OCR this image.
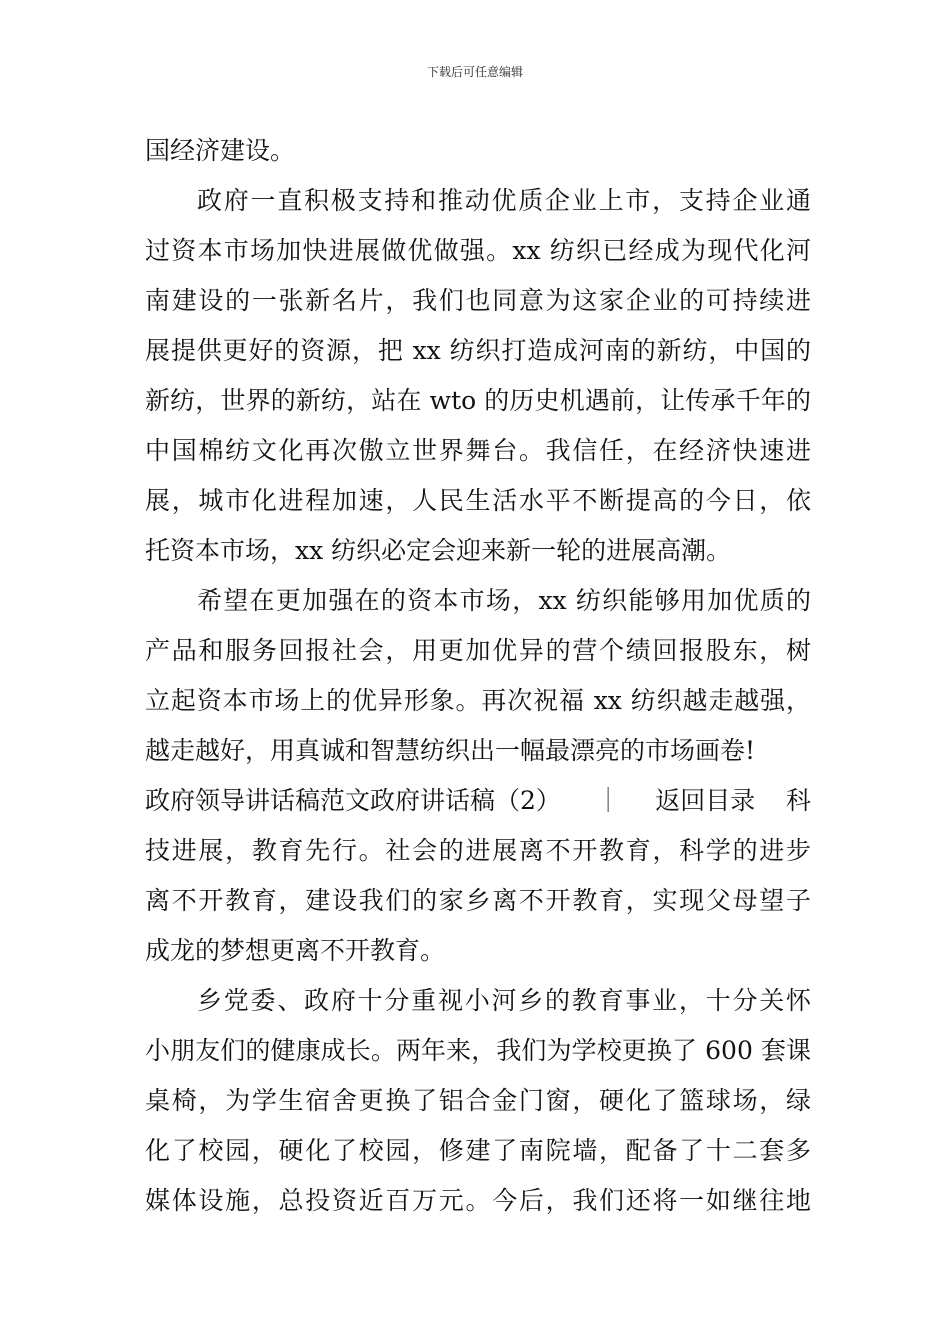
下载后可任意编辑
国经济建设。
政府一直积极支持和推动优质企业上市，支持企业通
过资本市场加快进展做优做强。xx 纺织已经成为现代化河
南建设的一张新名片，我们也同意为这家企业的可持续进
展提供更好的资源，把 xx 纺织打造成河南的新纺，中国的
新纺，世界的新纺，站在 wto 的历史机遇前，让传承千年的
中国棉纺文化再次傲立世界舞台。我信任，在经济快速进
展，城市化进程加速，人民生活水平不断提高的今日，依
托资本市场，xx 纺织必定会迎来新一轮的进展高潮。
希望在更加强在的资本市场，xx 纺织能够用加优质的
产品和服务回报社会，用更加优异的营个绩回报股东，树
立起资本市场上的优异形象。再次祝福 xx 纺织越走越强，
越走越好，用真诚和智慧纺织出一幅最漂亮的市场画卷!
政府领导讲话稿范文政府讲话稿（2） ｜ 返回目录 科
技进展，教育先行。社会的进展离不开教育，科学的进步
离不开教育，建设我们的家乡离不开教育，实现父母望子
成龙的梦想更离不开教育。
乡党委、政府十分重视小河乡的教育事业，十分关怀
小朋友们的健康成长。两年来，我们为学校更换了 600 套课
桌椅，为学生宿舍更换了铝合金门窗，硬化了篮球场，绿
化了校园，硬化了校园，修建了南院墙，配备了十二套多
媒体设施，总投资近百万元。今后，我们还将一如继往地
